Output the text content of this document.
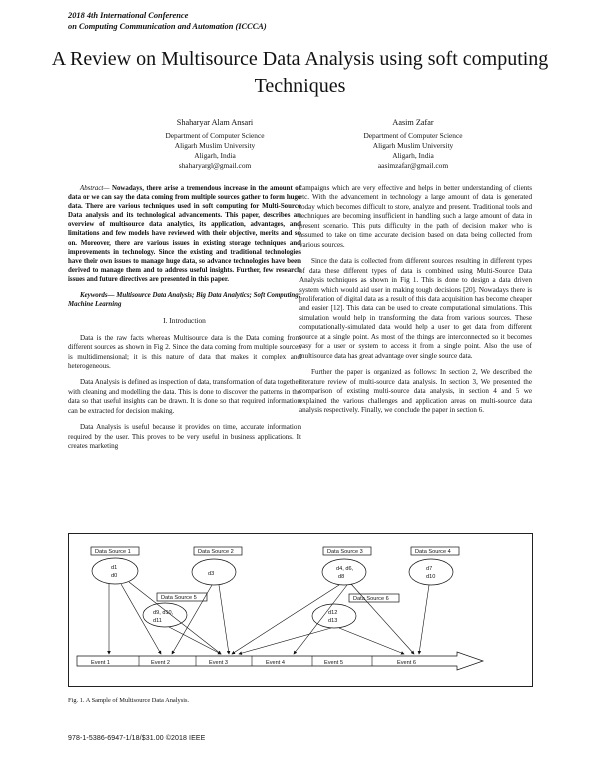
2018 4th International Conference
on Computing Communication and Automation (ICCCA)
A Review on Multisource Data Analysis using soft computing Techniques
Shaharyar Alam Ansari
Department of Computer Science
Aligarh Muslim University
Aligarh, India
shaharyargl@gmail.com
Aasim Zafar
Department of Computer Science
Aligarh Muslim University
Aligarh, India
aasimzafar@gmail.com

Abstract— Nowadays, there arise a tremendous increase in the amount of data or we can say the data coming from multiple sources gather to form huge data. There are various techniques used in soft computing for Multi-Source Data analysis and its technological advancements. This paper, describes an overview of multisource data analytics, its application, advantages, and limitations and few models have reviewed with their objective, merits and so on. Moreover, there are various issues in existing storage techniques and improvements in technology. Since the existing and traditional technologies have their own issues to manage huge data, so advance technologies have been derived to manage them and to address useful insights. Further, few research issues and future directives are presented in this paper.

Keywords— Multisource Data Analysis; Big Data Analytics; Soft Computing; Machine Learning

I. Introduction

Data is the raw facts whereas Multisource data is the Data coming from different sources as shown in Fig 2. Since the data coming from multiple sources is multidimensional; it is this nature of data that makes it complex and heterogeneous.

Data Analysis is defined as inspection of data, transformation of data together with cleaning and modelling the data. This is done to discover the patterns in the data so that useful insights can be drawn. It is done so that required information can be extracted for decision making.

Data Analysis is useful because it provides on time, accurate information required by the user. This proves to be very useful in business applications. It creates marketing

campaigns which are very effective and helps in better understanding of clients etc. With the advancement in technology a large amount of data is generated today which becomes difficult to store, analyze and present. Traditional tools and techniques are becoming insufficient in handling such a large amount of data in present scenario. This puts difficulty in the path of decision maker who is assumed to take on time accurate decision based on data being collected from various sources.

Since the data is collected from different sources resulting in different types of data these different types of data is combined using Multi-Source Data Analysis techniques as shown in Fig 1. This is done to design a data driven system which would aid user in making tough decisions [20]. Nowadays there is proliferation of digital data as a result of this data acquisition has become cheaper and easier [12]. This data can be used to create computational simulations. This simulation would help in transforming the data from various sources. These computationally-simulated data would help a user to get data from different source at a single point. As most of the things are interconnected so it becomes easy for a user or system to access it from a single point. Also the use of multisource data has great advantage over single source data.

Further the paper is organized as follows: In section 2, We described the literature review of multi-source data analysis. In section 3, We presented the comparison of existing multi-source data analysis, in section 4 and 5 we explained the various challenges and application areas on multi-source data analysis respectively. Finally, we conclude the paper in section 6.

Data Source 1
d1
d0
Data Source 2
d3
Data Source 3
d4, d6,
d8
Data Source 4
d7
d10
Data Source 5
d9, d10,
d11
Data Source 6
d12
d13
Event 1	Event 2	Event 3	Event 4	Event 5	Event 6
Fig. 1. A Sample of Multisource Data Analysis.
978-1-5386-6947-1/18/$31.00 ©2018 IEEE
